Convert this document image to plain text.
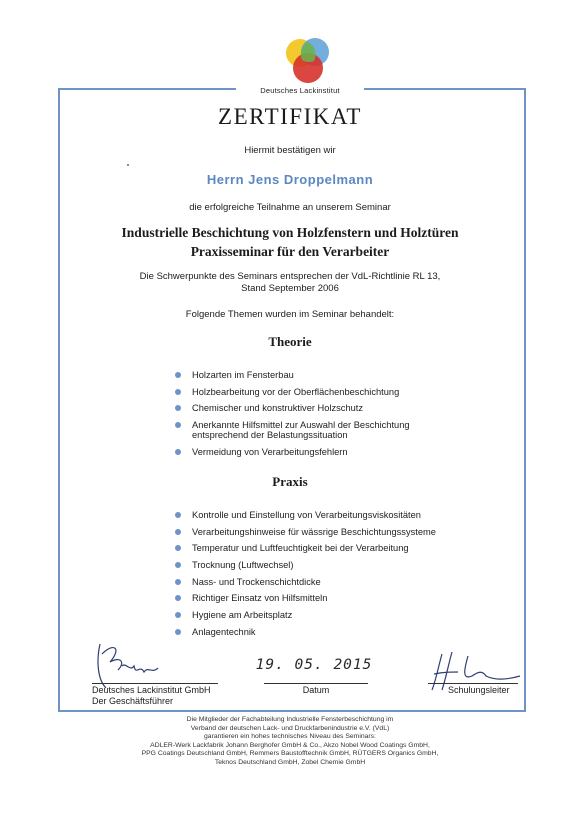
Deutsches Lackinstitut
ZERTIFIKAT
Hiermit bestätigen wir
Herrn Jens Droppelmann
die erfolgreiche Teilnahme an unserem Seminar
Industrielle Beschichtung von Holzfenstern und Holztüren
Praxisseminar für den Verarbeiter
Die Schwerpunkte des Seminars entsprechen der VdL-Richtlinie RL 13,
Stand September 2006
Folgende Themen wurden im Seminar behandelt:
Theorie
Holzarten im Fensterbau
Holzbearbeitung vor der Oberflächenbeschichtung
Chemischer und konstruktiver Holzschutz
Anerkannte Hilfsmittel zur Auswahl der Beschichtung
entsprechend der Belastungssituation
Vermeidung von Verarbeitungsfehlern
Praxis
Kontrolle und Einstellung von Verarbeitungsviskositäten
Verarbeitungshinweise für wässrige Beschichtungssysteme
Temperatur und Luftfeuchtigkeit bei der Verarbeitung
Trocknung (Luftwechsel)
Nass- und Trockenschichtdicke
Richtiger Einsatz von Hilfsmitteln
Hygiene am Arbeitsplatz
Anlagentechnik
19. 05. 2015
Deutsches Lackinstitut GmbH
Der Geschäftsführer
Datum	Schulungsleiter
Die Mitglieder der Fachabteilung Industrielle Fensterbeschichtung im
Verband der deutschen Lack- und Druckfarbenindustrie e.V. (VdL)
garantieren ein hohes technisches Niveau des Seminars:
ADLER-Werk Lackfabrik Johann Berghofer GmbH & Co., Akzo Nobel Wood Coatings GmbH,
PPG Coatings Deutschland GmbH, Remmers Baustofftechnik GmbH, RÜTGERS Organics GmbH,
Teknos Deutschland GmbH, Zobel Chemie GmbH
